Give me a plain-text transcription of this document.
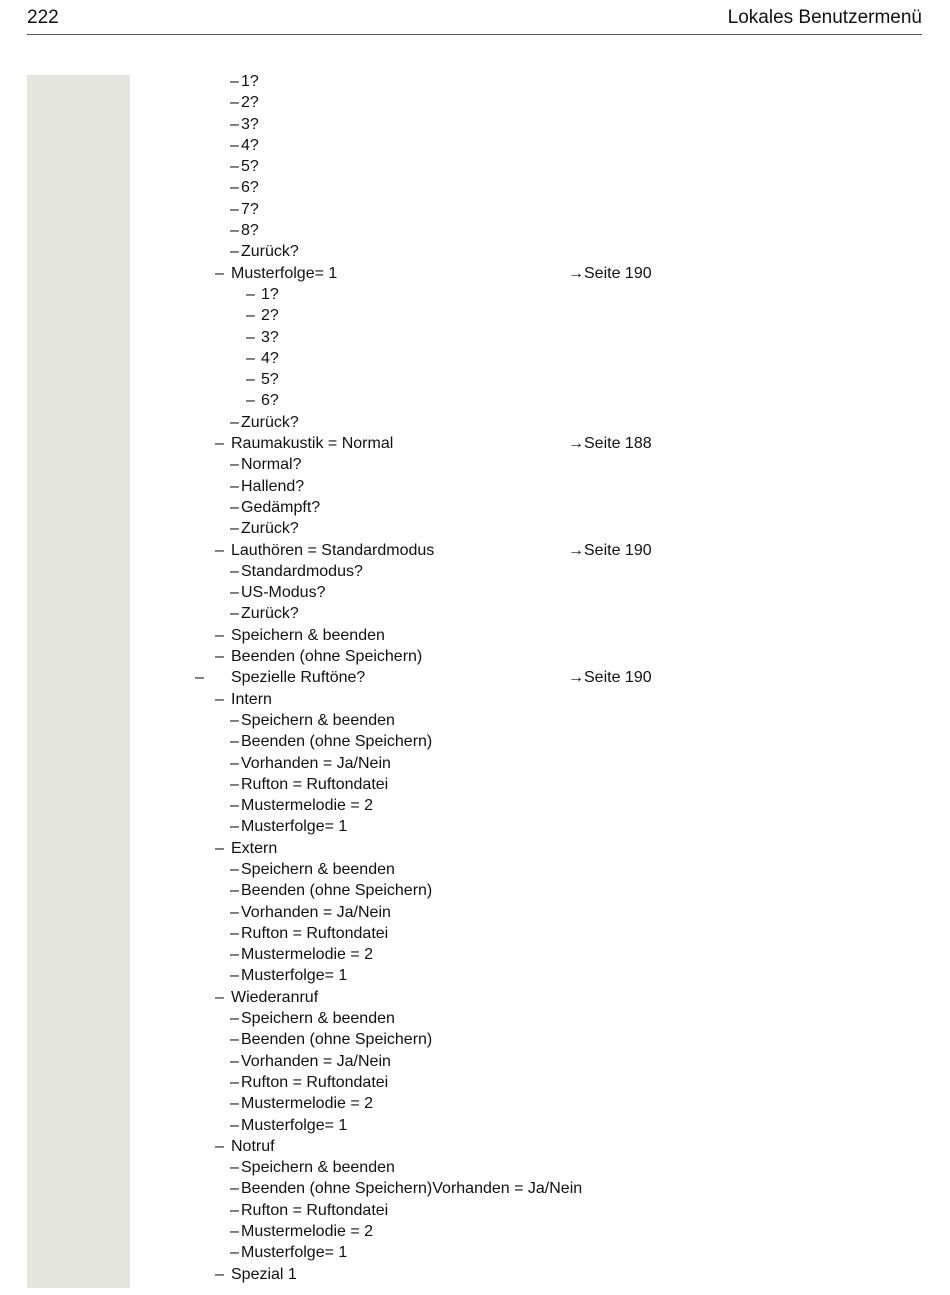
222	Lokales Benutzermenü
– 1?
– 2?
– 3?
– 4?
– 5?
– 6?
– 7?
– 8?
– Zurück?
– Musterfolge= 1	→Seite 190
– 1?
– 2?
– 3?
– 4?
– 5?
– 6?
– Zurück?
– Raumakustik = Normal	→Seite 188
– Normal?
– Hallend?
– Gedämpft?
– Zurück?
– Lauthören = Standardmodus	→Seite 190
– Standardmodus?
– US-Modus?
– Zurück?
– Speichern & beenden
– Beenden (ohne Speichern)
– Spezielle Ruftöne?	→Seite 190
– Intern
– Speichern & beenden
– Beenden (ohne Speichern)
– Vorhanden = Ja/Nein
– Rufton = Ruftondatei
– Mustermelodie = 2
– Musterfolge= 1
– Extern
– Speichern & beenden
– Beenden (ohne Speichern)
– Vorhanden = Ja/Nein
– Rufton = Ruftondatei
– Mustermelodie = 2
– Musterfolge= 1
– Wiederanruf
– Speichern & beenden
– Beenden (ohne Speichern)
– Vorhanden = Ja/Nein
– Rufton = Ruftondatei
– Mustermelodie = 2
– Musterfolge= 1
– Notruf
– Speichern & beenden
– Beenden (ohne Speichern)Vorhanden = Ja/Nein
– Rufton = Ruftondatei
– Mustermelodie = 2
– Musterfolge= 1
– Spezial 1
